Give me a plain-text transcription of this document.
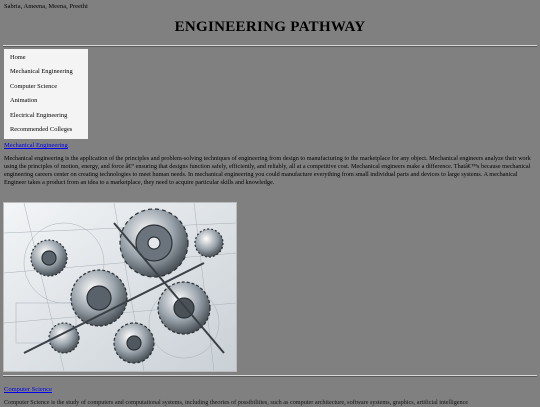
Sabria, Ameena, Meena, Preethi
ENGINEERING PATHWAY
Home
Mechanical Engineering
Computer Science
Animation
Electrical Engineering
Recommended Colleges
Mechanical Engineering
Mechanical engineering is the application of the principles and problem-solving techniques of engineering from design to manufacturing to the marketplace for any object. Mechanical engineers analyze their work using the principles of motion, energy, and force â€“ ensuring that designs function safely, efficiently, and reliably, all at a competitive cost. Mechanical engineers make a difference. Thatâ€™s because mechanical engineering careers center on creating technologies to meet human needs. In mechanical engineering you could manufacture everything from small individual parts and devices to large systems. A mechanical Engineer takes a product from an idea to a marketplace, they need to acquire particular skills and knowledge.
Computer Science
Computer Science is the study of computers and computational systems, including theories of possibilities, such as computer architecture, software systems, graphics, artificial intelligence
